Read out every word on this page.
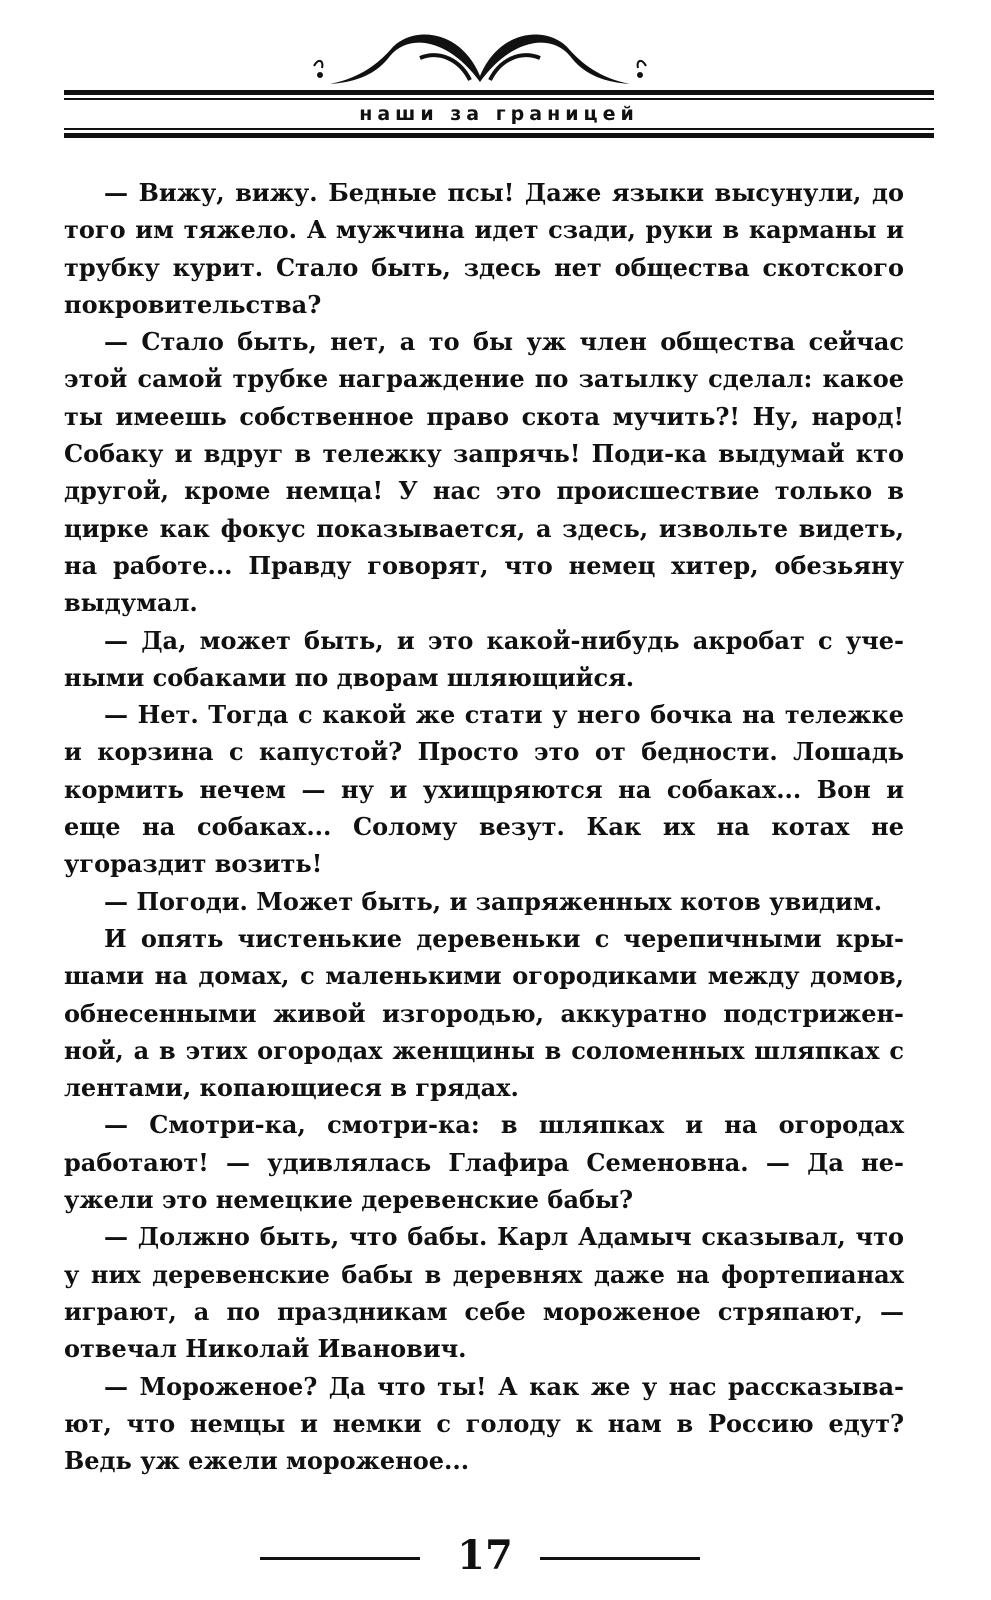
наши за границей

— Вижу, вижу. Бедные псы! Даже языки высунули, до того им тяжело. А мужчина идет сзади, руки в карманы и трубку курит. Стало быть, здесь нет общества скотского покровительства?

— Стало быть, нет, а то бы уж член общества сейчас этой самой трубке награждение по затылку сделал: какое ты имеешь собственное право скота мучить?! Ну, народ! Собаку и вдруг в тележку запрячь! Поди-ка выдумай кто другой, кроме немца! У нас это происшествие только в цирке как фокус показывается, а здесь, извольте видеть, на работе... Правду говорят, что немец хитер, обезьяну выдумал.

— Да, может быть, и это какой-нибудь акробат с учеными собаками по дворам шляющийся.

— Нет. Тогда с какой же стати у него бочка на тележке и корзина с капустой? Просто это от бедности. Лошадь кормить нечем — ну и ухищряются на собаках... Вон и еще на собаках... Солому везут. Как их на котах не угораздит возить!

— Погоди. Может быть, и запряженных котов увидим.

И опять чистенькие деревеньки с черепичными крышами на домах, с маленькими огородиками между домов, обнесенными живой изгородью, аккуратно подстриженной, а в этих огородах женщины в соломенных шляпках с лентами, копающиеся в грядах.

— Смотри-ка, смотри-ка: в шляпках и на огородах работают! — удивлялась Глафира Семеновна. — Да неужели это немецкие деревенские бабы?

— Должно быть, что бабы. Карл Адамыч сказывал, что у них деревенские бабы в деревнях даже на фортепианах играют, а по праздникам себе мороженое стряпают, — отвечал Николай Иванович.

— Мороженое? Да что ты! А как же у нас рассказывают, что немцы и немки с голоду к нам в Россию едут? Ведь уж ежели мороженое...

17
